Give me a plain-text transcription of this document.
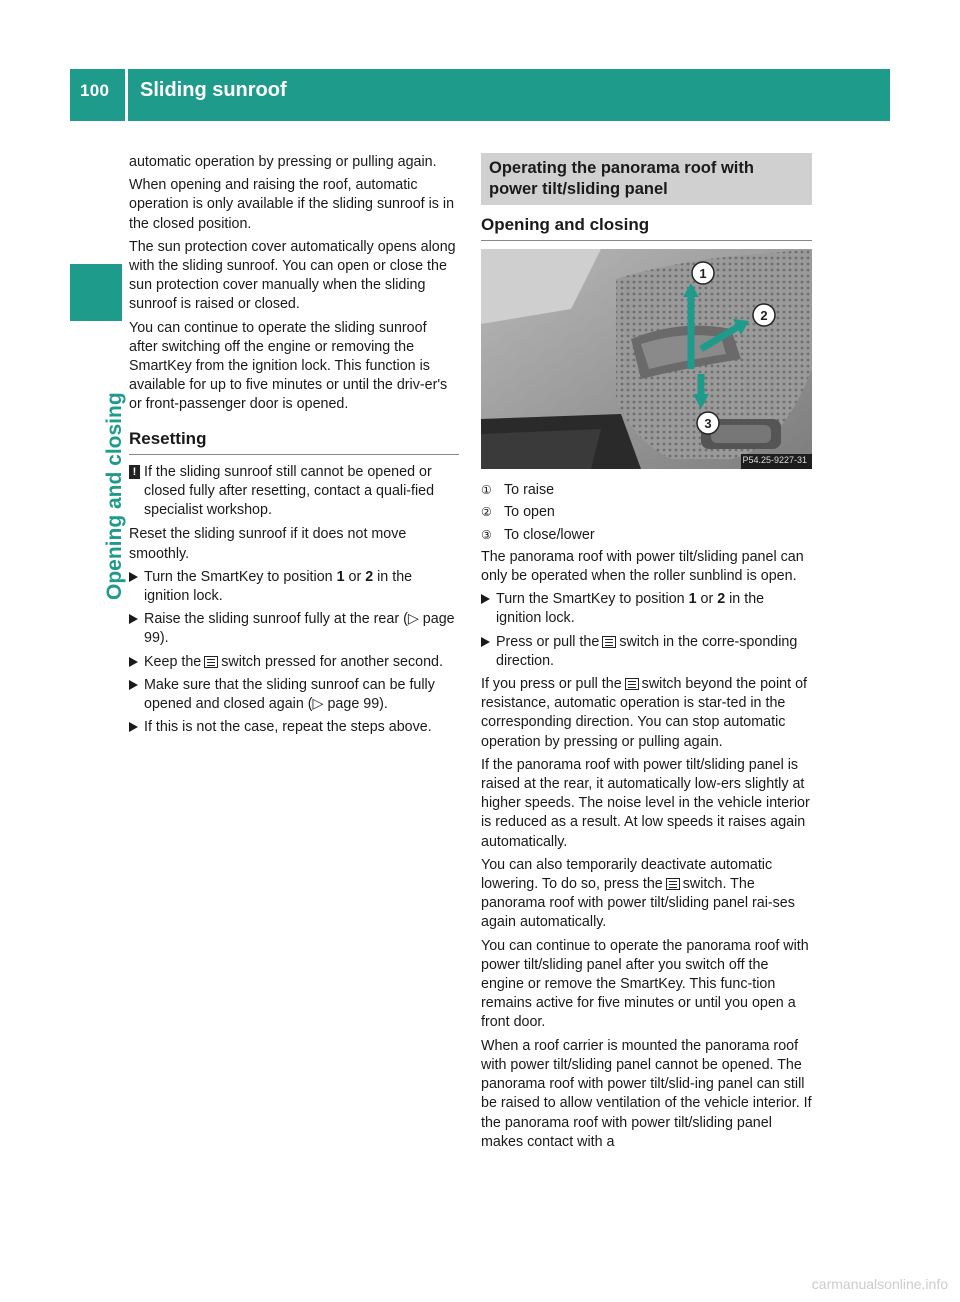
100	Sliding sunroof
Opening and closing

automatic operation by pressing or pulling again.

When opening and raising the roof, automatic operation is only available if the sliding sunroof is in the closed position.

The sun protection cover automatically opens along with the sliding sunroof. You can open or close the sun protection cover manually when the sliding sunroof is raised or closed.

You can continue to operate the sliding sunroof after switching off the engine or removing the SmartKey from the ignition lock. This function is available for up to five minutes or until the driv-er's or front-passenger door is opened.

Resetting
! If the sliding sunroof still cannot be opened or closed fully after resetting, contact a quali-fied specialist workshop.

Reset the sliding sunroof if it does not move smoothly.

Turn the SmartKey to position 1 or 2 in the ignition lock.
Raise the sliding sunroof fully at the rear (▷ page 99).
Keep the switch pressed for another second.
Make sure that the sliding sunroof can be fully opened and closed again (▷ page 99).
If this is not the case, repeat the steps above.
Operating the panorama roof with power tilt/sliding panel
Opening and closing
1
2
3
P54.25-9227-31
① To raise
② To open
③ To close/lower

The panorama roof with power tilt/sliding panel can only be operated when the roller sunblind is open.

Turn the SmartKey to position 1 or 2 in the ignition lock.
Press or pull the switch in the corre-sponding direction.

If you press or pull the switch beyond the point of resistance, automatic operation is star-ted in the corresponding direction. You can stop automatic operation by pressing or pulling again.

If the panorama roof with power tilt/sliding panel is raised at the rear, it automatically low-ers slightly at higher speeds. The noise level in the vehicle interior is reduced as a result. At low speeds it raises again automatically.

You can also temporarily deactivate automatic lowering. To do so, press the switch. The panorama roof with power tilt/sliding panel rai-ses again automatically.

You can continue to operate the panorama roof with power tilt/sliding panel after you switch off the engine or remove the SmartKey. This func-tion remains active for five minutes or until you open a front door.

When a roof carrier is mounted the panorama roof with power tilt/sliding panel cannot be opened. The panorama roof with power tilt/slid-ing panel can still be raised to allow ventilation of the vehicle interior. If the panorama roof with power tilt/sliding panel makes contact with a

carmanualsonline.info
